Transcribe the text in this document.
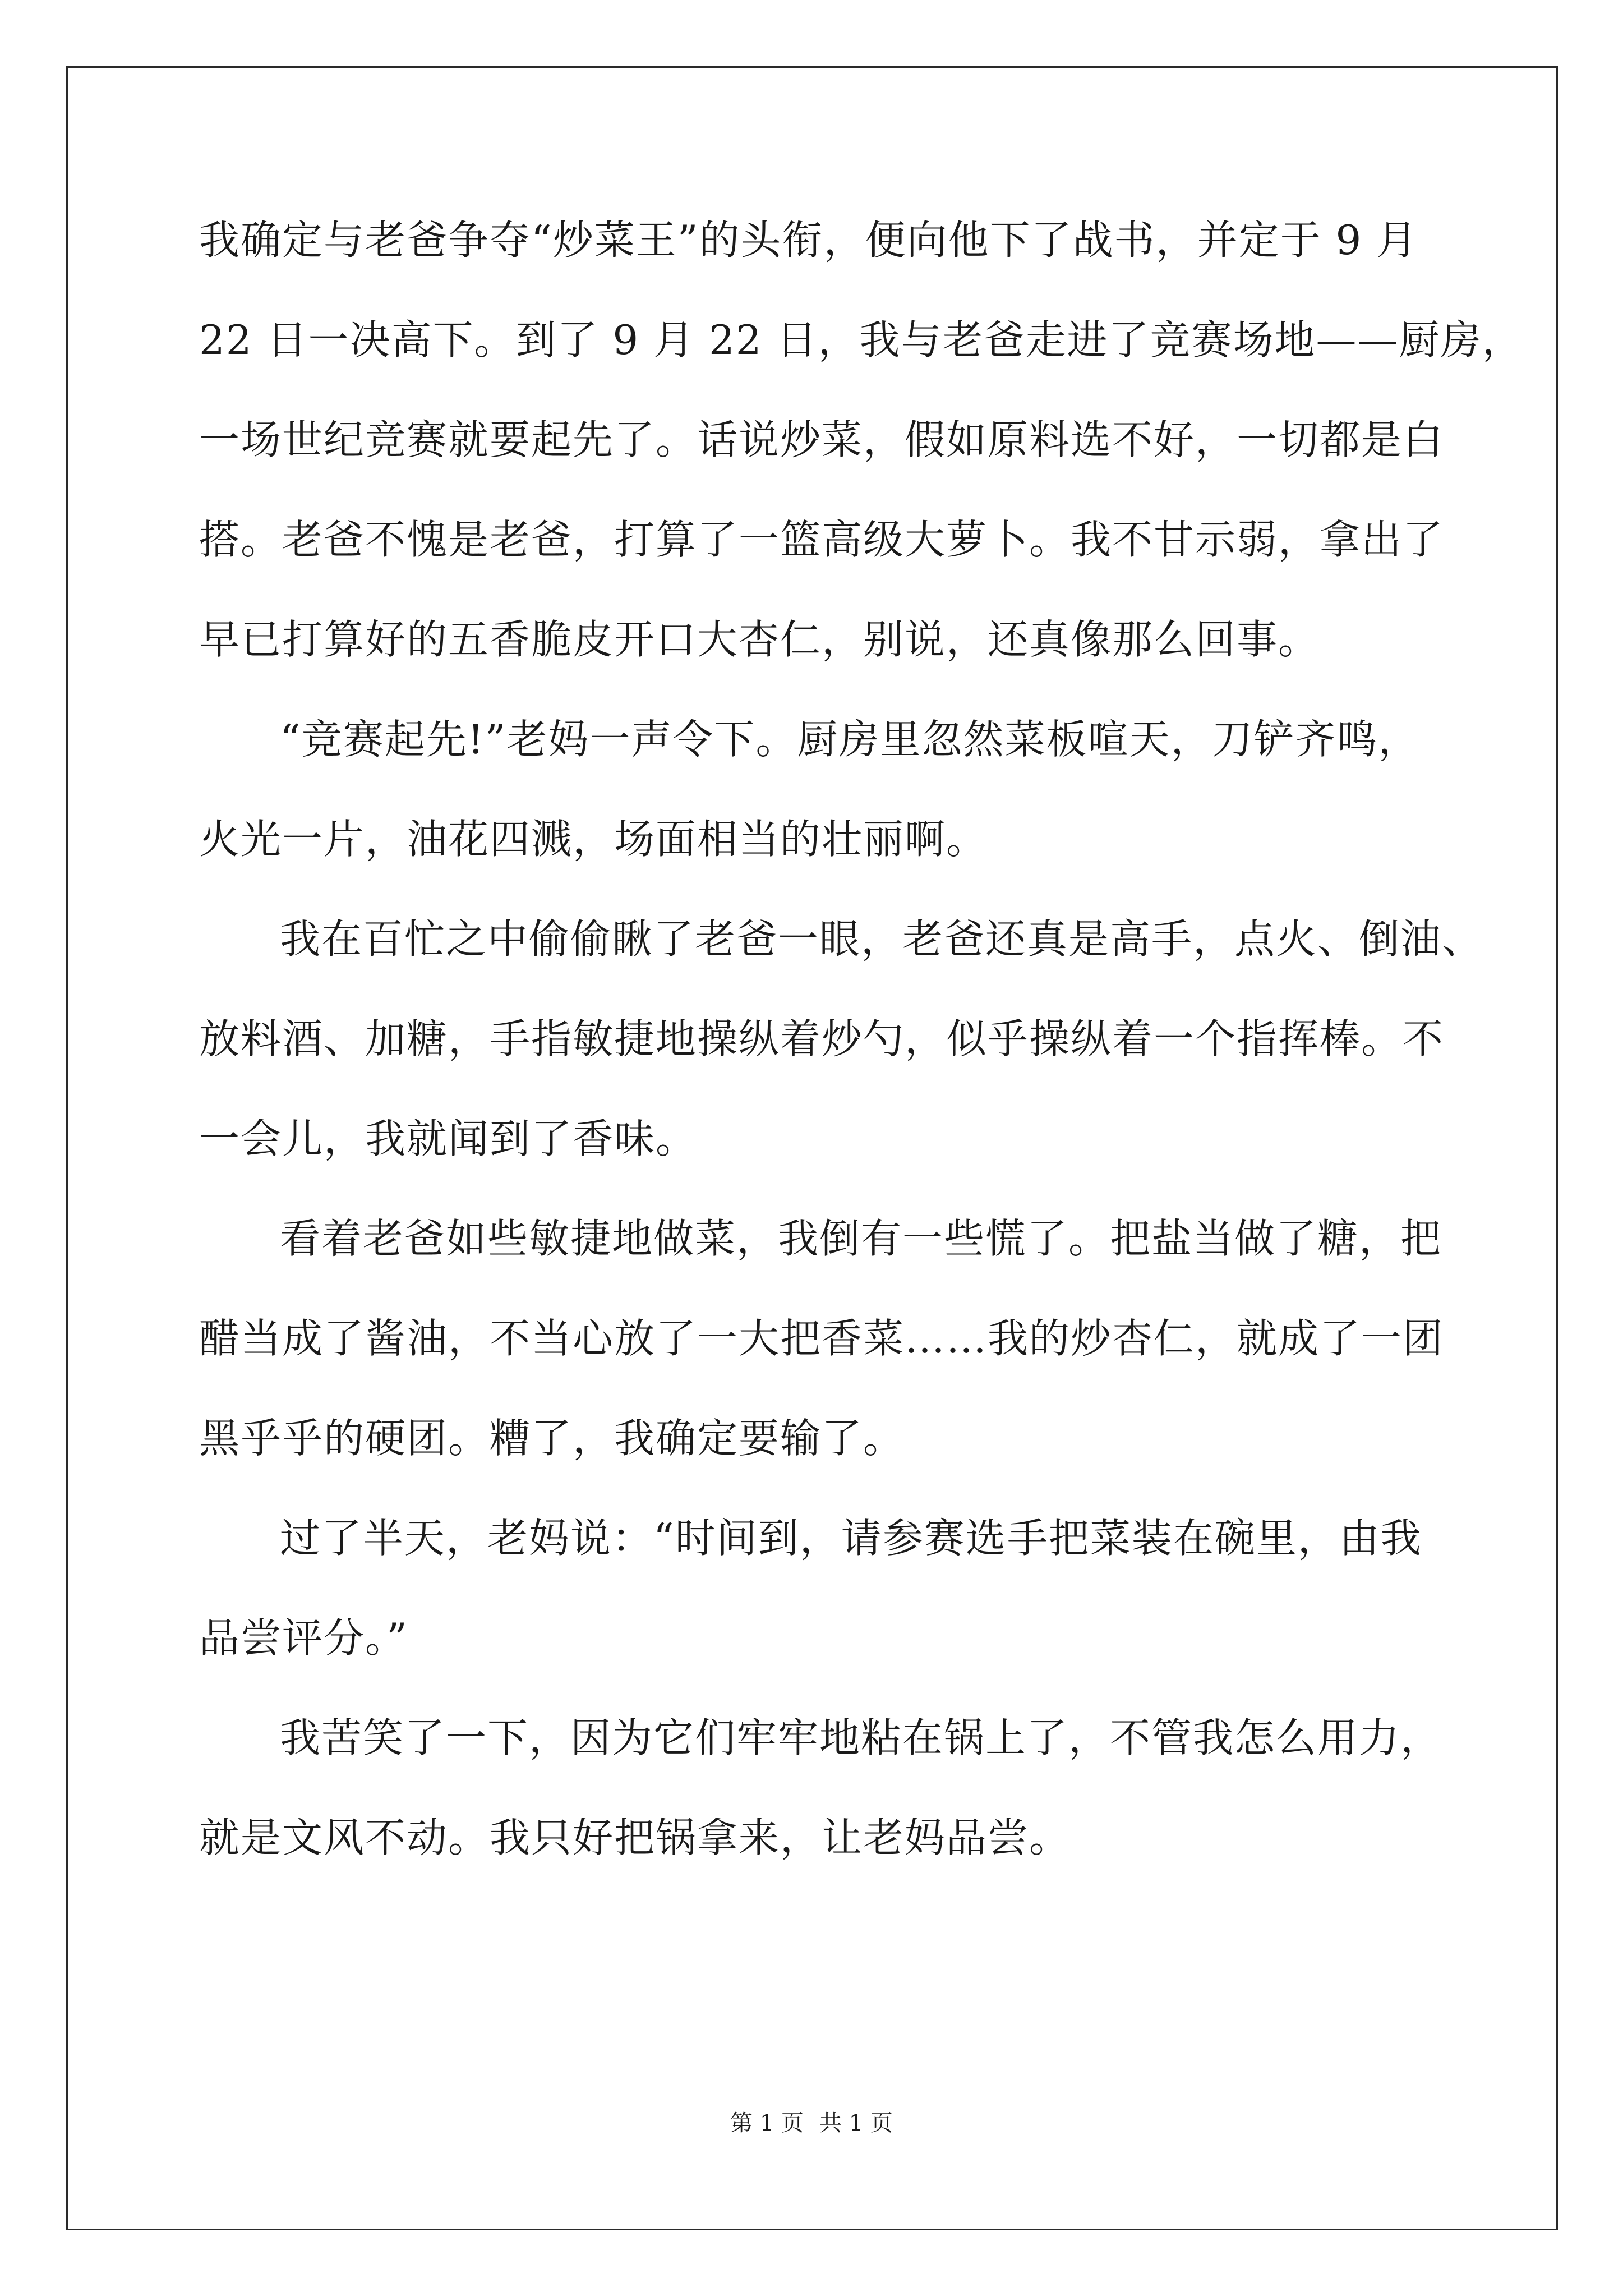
我确定与老爸争夺“炒菜王”的头衔，便向他下了战书，并定于 9 月
22 日一决高下。到了 9 月 22 日，我与老爸走进了竞赛场地——厨房，
一场世纪竞赛就要起先了。话说炒菜，假如原料选不好，一切都是白
搭。老爸不愧是老爸，打算了一篮高级大萝卜。我不甘示弱，拿出了
早已打算好的五香脆皮开口大杏仁，别说，还真像那么回事。
“竞赛起先!”老妈一声令下。厨房里忽然菜板喧天，刀铲齐鸣，
火光一片，油花四溅，场面相当的壮丽啊。
我在百忙之中偷偷瞅了老爸一眼，老爸还真是高手，点火、倒油、
放料酒、加糖，手指敏捷地操纵着炒勺，似乎操纵着一个指挥棒。不
一会儿，我就闻到了香味。
看着老爸如些敏捷地做菜，我倒有一些慌了。把盐当做了糖，把
醋当成了酱油，不当心放了一大把香菜……我的炒杏仁，就成了一团
黑乎乎的硬团。糟了，我确定要输了。
过了半天，老妈说：“时间到，请参赛选手把菜装在碗里，由我
品尝评分。”
我苦笑了一下，因为它们牢牢地粘在锅上了，不管我怎么用力，
就是文风不动。我只好把锅拿来，让老妈品尝。
第 1 页 共 1 页
